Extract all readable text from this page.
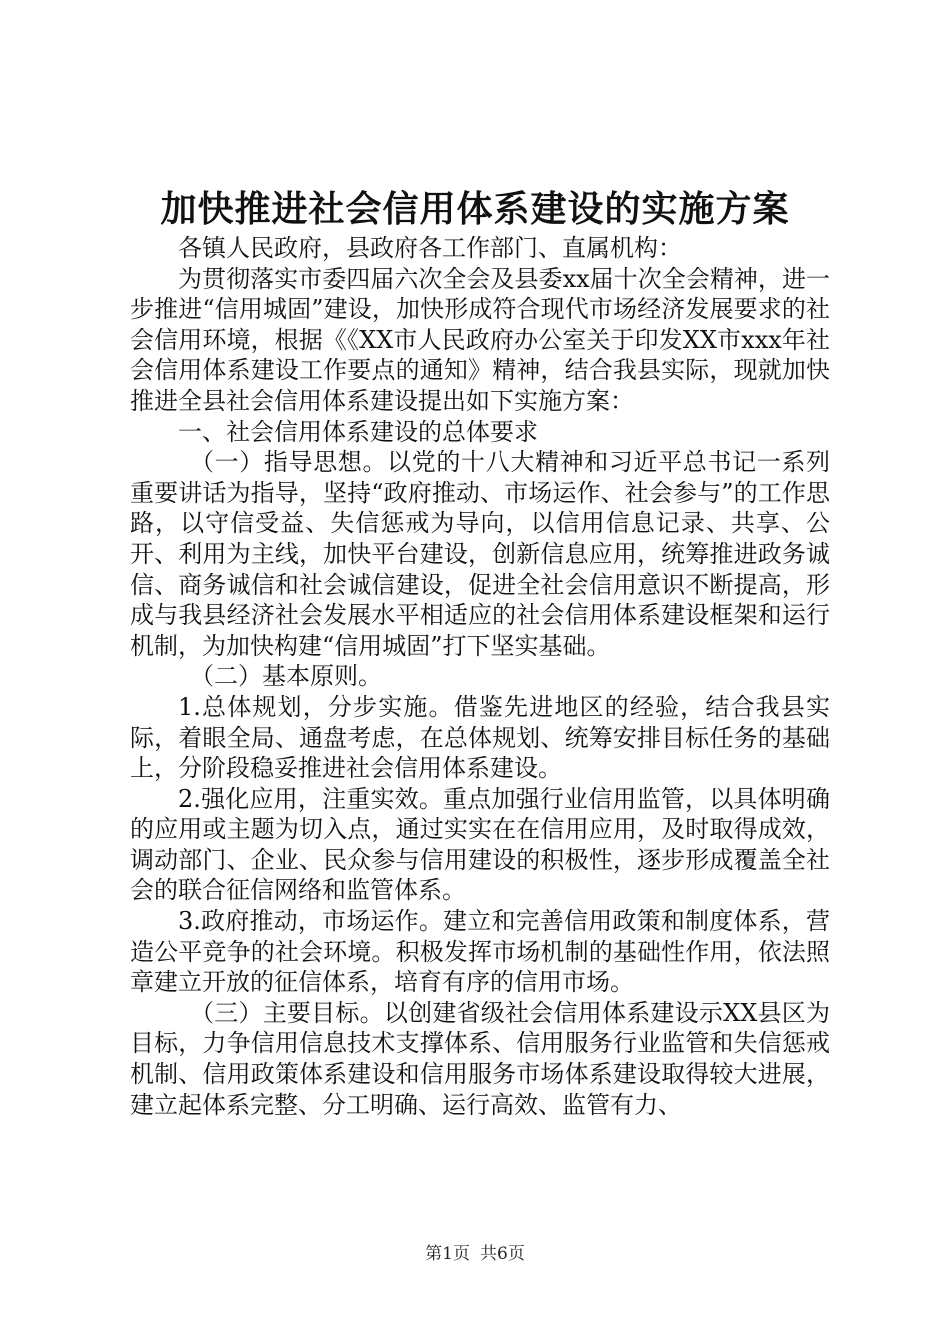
加快推进社会信用体系建设的实施方案

各镇人民政府，县政府各工作部门、直属机构：

为贯彻落实市委四届六次全会及县委xx届十次全会精神，进一步推进“信用城固”建设，加快形成符合现代市场经济发展要求的社会信用环境，根据《《XX市人民政府办公室关于印发XX市xxx年社会信用体系建设工作要点的通知》精神，结合我县实际，现就加快推进全县社会信用体系建设提出如下实施方案：

一、社会信用体系建设的总体要求

（一）指导思想。以党的十八大精神和习近平总书记一系列重要讲话为指导，坚持“政府推动、市场运作、社会参与”的工作思路，以守信受益、失信惩戒为导向，以信用信息记录、共享、公开、利用为主线，加快平台建设，创新信息应用，统筹推进政务诚信、商务诚信和社会诚信建设，促进全社会信用意识不断提高，形成与我县经济社会发展水平相适应的社会信用体系建设框架和运行机制，为加快构建“信用城固”打下坚实基础。

（二）基本原则。

1.总体规划，分步实施。借鉴先进地区的经验，结合我县实际，着眼全局、通盘考虑，在总体规划、统筹安排目标任务的基础上，分阶段稳妥推进社会信用体系建设。

2.强化应用，注重实效。重点加强行业信用监管，以具体明确的应用或主题为切入点，通过实实在在信用应用，及时取得成效，调动部门、企业、民众参与信用建设的积极性，逐步形成覆盖全社会的联合征信网络和监管体系。

3.政府推动，市场运作。建立和完善信用政策和制度体系，营造公平竞争的社会环境。积极发挥市场机制的基础性作用，依法照章建立开放的征信体系，培育有序的信用市场。

（三）主要目标。以创建省级社会信用体系建设示XX县区为目标，力争信用信息技术支撑体系、信用服务行业监管和失信惩戒机制、信用政策体系建设和信用服务市场体系建设取得较大进展，建立起体系完整、分工明确、运行高效、监管有力、

第1页 共6页
